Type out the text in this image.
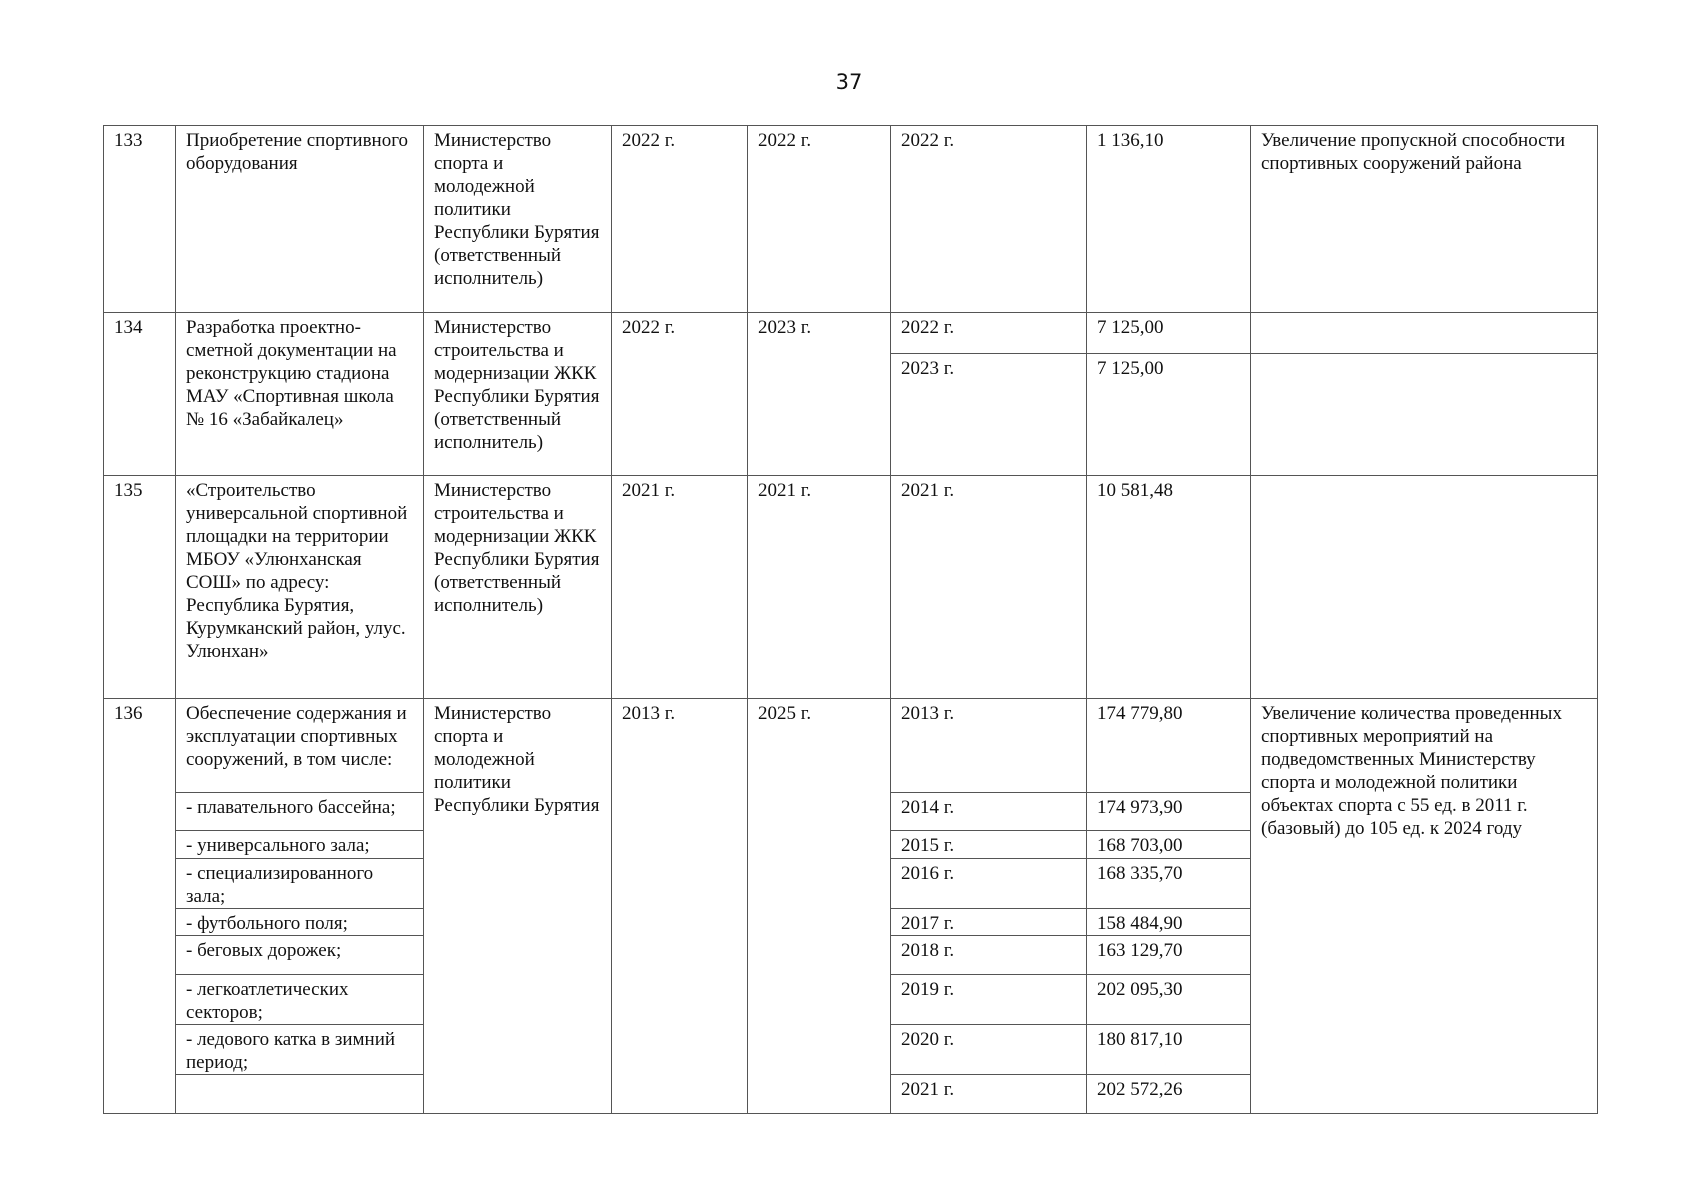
37
133	Приобретение спортивного оборудования	Министерство спорта и молодежной политики Республики Бурятия (ответственный исполнитель)	2022 г.	2022 г.	2022 г.	1 136,10	Увеличение пропускной способности спортивных сооружений района
134	Разработка проектно-сметной документации на реконструкцию стадиона МАУ «Спортивная школа № 16 «Забайкалец»	Министерство строительства и модернизации ЖКК Республики Бурятия (ответственный исполнитель)	2022 г.	2023 г.	2022 г.	7 125,00	
					2023 г.	7 125,00	
135	«Строительство универсальной спортивной площадки на территории МБОУ «Улюнханская СОШ» по адресу: Республика Бурятия, Курумканский район, улус. Улюнхан»	Министерство строительства и модернизации ЖКК Республики Бурятия (ответственный исполнитель)	2021 г.	2021 г.	2021 г.	10 581,48	
136	Обеспечение содержания и эксплуатации спортивных сооружений, в том числе:	Министерство спорта и молодежной политики Республики Бурятия	2013 г.	2025 г.	2013 г.	174 779,80	Увеличение количества проведенных спортивных мероприятий на подведомственных Министерству спорта и молодежной политики объектах спорта с 55 ед. в 2011 г. (базовый) до 105 ед. к 2024 году
	- плавательного бассейна;				2014 г.	174 973,90	
	- универсального зала;				2015 г.	168 703,00	
	- специализированного зала;				2016 г.	168 335,70	
	- футбольного поля;				2017 г.	158 484,90	
	- беговых дорожек;				2018 г.	163 129,70	
	- легкоатлетических секторов;				2019 г.	202 095,30	
	- ледового катка в зимний период;				2020 г.	180 817,10	
					2021 г.	202 572,26	
